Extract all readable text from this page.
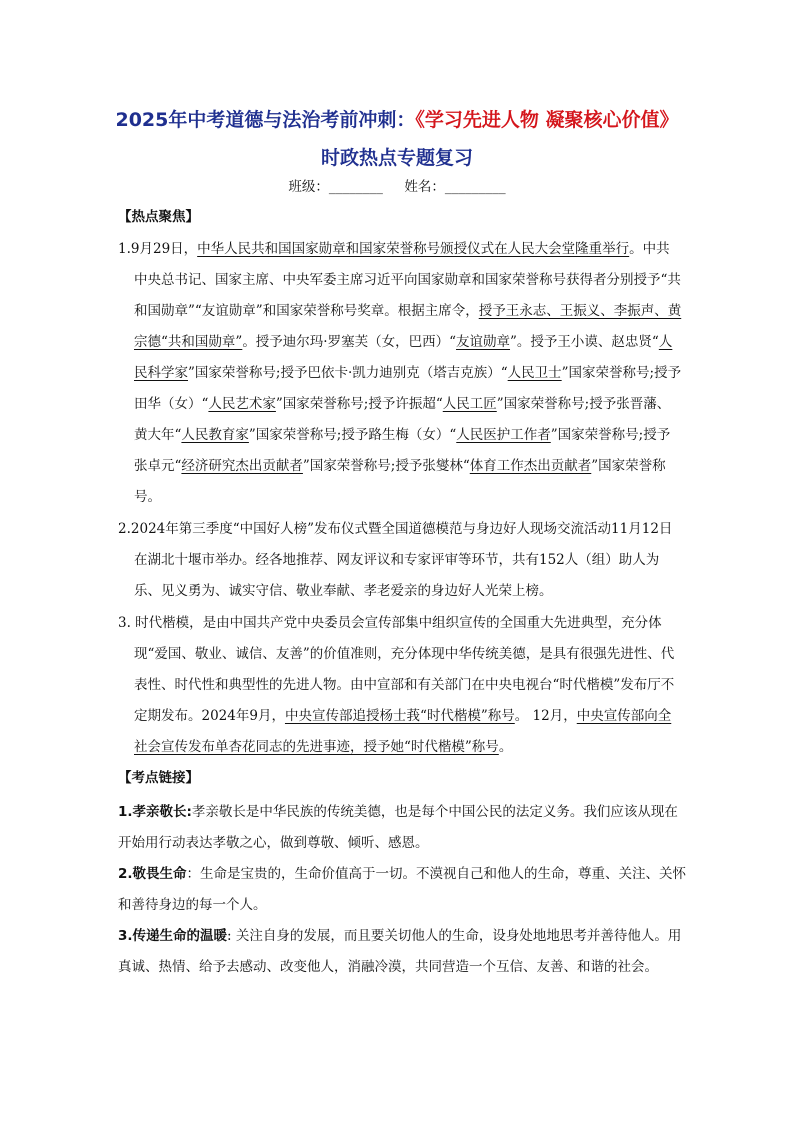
2025年中考道德与法治考前冲刺：《学习先进人物 凝聚核心价值》
时政热点专题复习
班级：________ 姓名：_________
【热点聚焦】

1.9月29日，中华人民共和国国家勋章和国家荣誉称号颁授仪式在人民大会堂隆重举行。中共中央总书记、国家主席、中央军委主席习近平向国家勋章和国家荣誉称号获得者分别授予“共和国勋章”“友谊勋章”和国家荣誉称号奖章。根据主席令，授予王永志、王振义、李振声、黄宗德“共和国勋章”。授予迪尔玛·罗塞芙（女，巴西）“友谊勋章”。授予王小谟、赵忠贤“人民科学家”国家荣誉称号;授予巴依卡·凯力迪别克（塔吉克族）“人民卫士”国家荣誉称号;授予田华（女）“人民艺术家”国家荣誉称号;授予许振超“人民工匠”国家荣誉称号;授予张晋藩、黄大年“人民教育家”国家荣誉称号;授予路生梅（女）“人民医护工作者”国家荣誉称号;授予张卓元“经济研究杰出贡献者”国家荣誉称号;授予张燮林“体育工作杰出贡献者”国家荣誉称号。

2.2024年第三季度“中国好人榜”发布仪式暨全国道德模范与身边好人现场交流活动11月12日在湖北十堰市举办。经各地推荐、网友评议和专家评审等环节，共有152人（组）助人为乐、见义勇为、诚实守信、敬业奉献、孝老爱亲的身边好人光荣上榜。

3. 时代楷模，是由中国共产党中央委员会宣传部集中组织宣传的全国重大先进典型，充分体现“爱国、敬业、诚信、友善”的价值准则，充分体现中华传统美德，是具有很强先进性、代表性、时代性和典型性的先进人物。由中宣部和有关部门在中央电视台“时代楷模”发布厅不定期发布。2024年9月，中央宣传部追授杨士莪“时代楷模”称号。 12月，中央宣传部向全社会宣传发布单杏花同志的先进事迹，授予她“时代楷模”称号。

【考点链接】
1.孝亲敬长:孝亲敬长是中华民族的传统美德，也是每个中国公民的法定义务。我们应该从现在开始用行动表达孝敬之心，做到尊敬、倾听、感恩。
2.敬畏生命：生命是宝贵的，生命价值高于一切。不漠视自己和他人的生命，尊重、关注、关怀和善待身边的每一个人。
3.传递生命的温暖: 关注自身的发展，而且要关切他人的生命，设身处地地思考并善待他人。用真诚、热情、给予去感动、改变他人，消融冷漠，共同营造一个互信、友善、和谐的社会。
